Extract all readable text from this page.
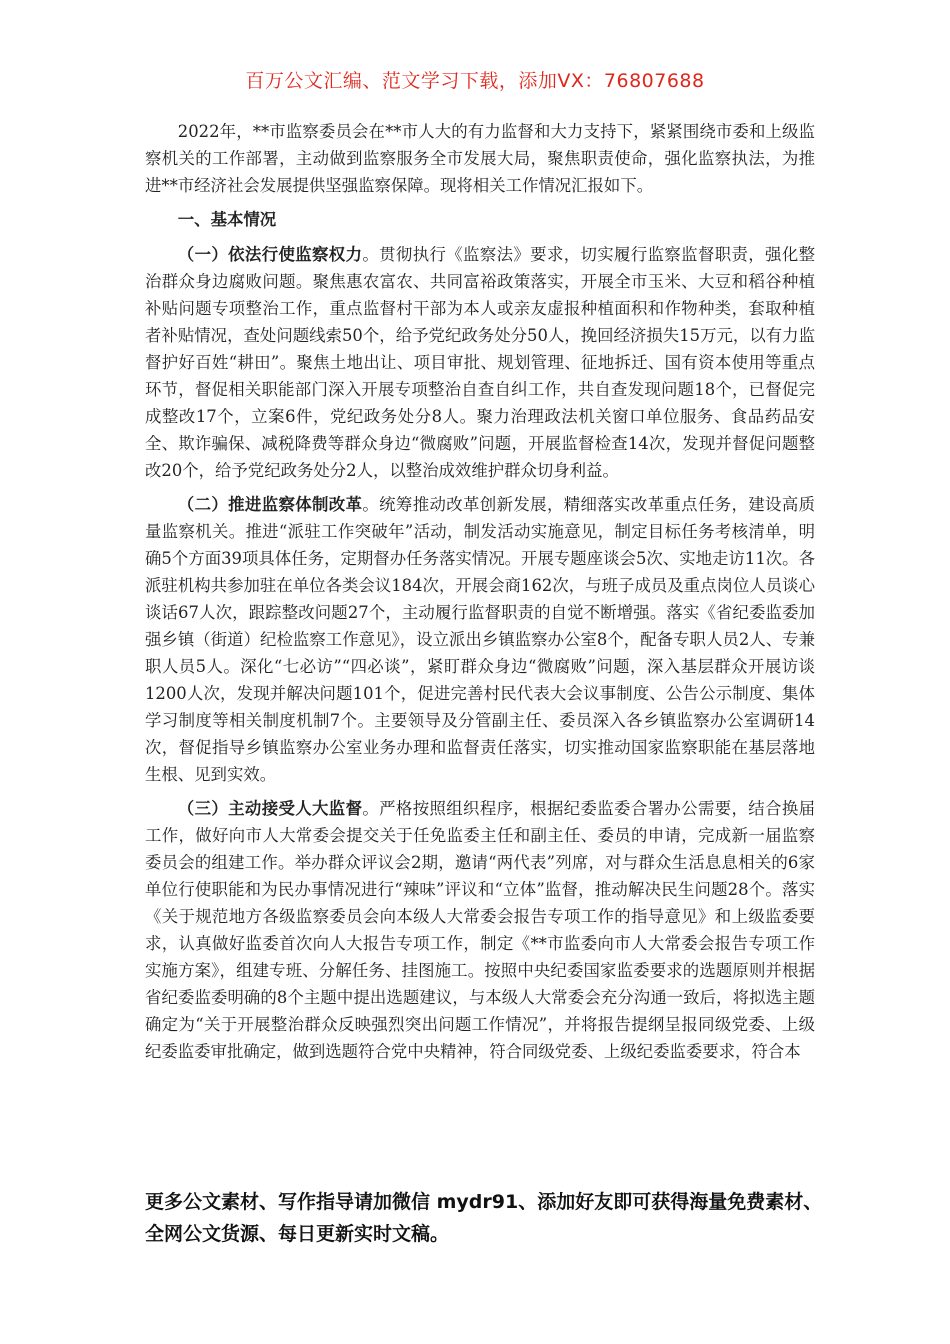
百万公文汇编、范文学习下载，添加VX：76807688

2022年，**市监察委员会在**市人大的有力监督和大力支持下，紧紧围绕市委和上级监察机关的工作部署，主动做到监察服务全市发展大局，聚焦职责使命，强化监察执法，为推进**市经济社会发展提供坚强监察保障。现将相关工作情况汇报如下。

一、基本情况

（一）依法行使监察权力。贯彻执行《监察法》要求，切实履行监察监督职责，强化整治群众身边腐败问题。聚焦惠农富农、共同富裕政策落实，开展全市玉米、大豆和稻谷种植补贴问题专项整治工作，重点监督村干部为本人或亲友虚报种植面积和作物种类，套取种植者补贴情况，查处问题线索50个，给予党纪政务处分50人，挽回经济损失15万元，以有力监督护好百姓“耕田”。聚焦土地出让、项目审批、规划管理、征地拆迁、国有资本使用等重点环节，督促相关职能部门深入开展专项整治自查自纠工作，共自查发现问题18个，已督促完成整改17个，立案6件，党纪政务处分8人。聚力治理政法机关窗口单位服务、食品药品安全、欺诈骗保、减税降费等群众身边“微腐败”问题，开展监督检查14次，发现并督促问题整改20个，给予党纪政务处分2人，以整治成效维护群众切身利益。

（二）推进监察体制改革。统筹推动改革创新发展，精细落实改革重点任务，建设高质量监察机关。推进“派驻工作突破年”活动，制发活动实施意见，制定目标任务考核清单，明确5个方面39项具体任务，定期督办任务落实情况。开展专题座谈会5次、实地走访11次。各派驻机构共参加驻在单位各类会议184次，开展会商162次，与班子成员及重点岗位人员谈心谈话67人次，跟踪整改问题27个，主动履行监督职责的自觉不断增强。落实《省纪委监委加强乡镇（街道）纪检监察工作意见》，设立派出乡镇监察办公室8个，配备专职人员2人、专兼职人员5人。深化“七必访”“四必谈”，紧盯群众身边“微腐败”问题，深入基层群众开展访谈1200人次，发现并解决问题101个，促进完善村民代表大会议事制度、公告公示制度、集体学习制度等相关制度机制7个。主要领导及分管副主任、委员深入各乡镇监察办公室调研14次，督促指导乡镇监察办公室业务办理和监督责任落实，切实推动国家监察职能在基层落地生根、见到实效。

（三）主动接受人大监督。严格按照组织程序，根据纪委监委合署办公需要，结合换届工作，做好向市人大常委会提交关于任免监委主任和副主任、委员的申请，完成新一届监察委员会的组建工作。举办群众评议会2期，邀请“两代表”列席，对与群众生活息息相关的6家单位行使职能和为民办事情况进行“辣味”评议和“立体”监督，推动解决民生问题28个。落实《关于规范地方各级监察委员会向本级人大常委会报告专项工作的指导意见》和上级监委要求，认真做好监委首次向人大报告专项工作，制定《**市监委向市人大常委会报告专项工作实施方案》，组建专班、分解任务、挂图施工。按照中央纪委国家监委要求的选题原则并根据省纪委监委明确的8个主题中提出选题建议，与本级人大常委会充分沟通一致后，将拟选主题确定为“关于开展整治群众反映强烈突出问题工作情况”，并将报告提纲呈报同级党委、上级纪委监委审批确定，做到选题符合党中央精神，符合同级党委、上级纪委监委要求，符合本

更多公文素材、写作指导请加微信 mydr91、添加好友即可获得海量免费素材、全网公文货源、每日更新实时文稿。
